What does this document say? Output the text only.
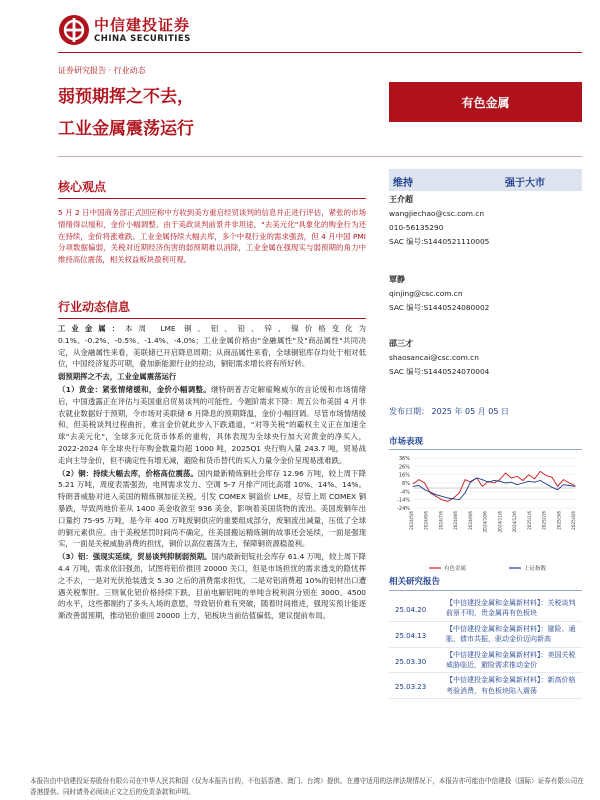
中信建投证券
CHINA SECURITIES
证券研究报告 · 行业动态
弱预期挥之不去，
工业金属震荡运行
有色金属
核心观点
5 月 2 日中国商务部正式回应称中方收到美方重启经贸谈判的信息并正进行评估，紧张的市场情绪得以缓和，金价小幅调整。由于美政谈判前景并非坦途，"去美元化"具象化的购金行为还在持续，金价将涨难跌。工业金属持续大幅去库，多个中观行业的需求强劲，但 4 月中国 PMI 分项数据偏弱，关税对近期经济伤害的弱预期难以消除，工业金属在强现实与弱预期的角力中维持高位震荡，相关权益板块盈利可观。
行业动态信息

工业金属：本周 LME 铜、铝、铅、锌、镍价格变化为 0.1%、-0.2%、-0.5%、-1.4%、-4.0%；工业金属价格由"金融属性"及"商品属性"共同决定，从金融属性来看，美联储已开启降息周期；从商品属性来看，全球铜铝库存均处于相对低位，中国经济复苏可期，叠加新能源行业的拉动，铜铝需求增长将有所好转。

弱预期挥之不去，工业金属震荡运行

（1）黄金：紧张情绪缓和，金价小幅调整。继特朗普否定解雇鲍威尔的言论缓和市场情绪后，中国透露正在评估与美国重启贸易谈判的可能性。今题阶需求下降：周五公布美国 4 月非农就业数据好于预期，令市场对美联储 6 月降息的预期降温，金价小幅回调。尽管市场情绪缓和，但美税谈判过程曲折，难言金价就此步入下跌通道，"对等关税"的霸权主义正在加速全球"去美元化"，全球多元化货币体系的重构，具体表现为全球央行加大对黄金的净买入，2022-2024 年全球央行年购金数量均超 1000 吨，2025Q1 央行购入量 243.7 吨，贸易战走向主导金价，但不确定性有增无减，避险和货币替代的买入力量令金价呈现易涨难跌。

（2）铜：持续大幅去库，价格高位震荡。国内最新精炼铜社会库存 12.96 万吨，较上周下降 5.21 万吨，周度表需强劲，电网需求发力、空调 5-7 月排产同比高增 10%、14%、14%。特朗普威胁对进入美国的精炼铜加征关税，引发 COMEX 铜溢价 LME，尽管上周 COMEX 铜暴跌，导致两地价差从 1400 美金收敛至 936 美金，影响着美国货物的流出。美国废铜年出口量约 75-95 万吨，是今年 400 万吨废铜供应的重要组成部分，废铜流出减量，压低了全球的铜元素供应。由于美税惩罚时间尚不确定，往美国搬运精炼铜的故事还会延续，一面是强现实，一面是关税威胁消费的担忧，铜价以高位震荡为主，保障铜资源稳盈利。

（3）铝：强现实延续，贸易谈判抑制弱预期。国内最新铝锭社会库存 61.4 万吨，较上周下降 4.4 万吨，需求依旧强劲，试图将铝价推回 20000 关口，但是市场担忧的需求透支的隐忧挥之不去，一是对光伏抢装透支 5.30 之后的消费需求担忧，二是对铝消费超 10%的铝材出口遭遇关税掣肘。三则氧化铝价格持续下跌，目前电解铝吨的单吨含税利润分别在 3000、4500 的水平，这些都制约了多头入场的意愿，导致铝价难有突破，随着时间推进，强现实预计能逐渐改善弱预期，推动铝价重回 20000 上方，铝板块当前估值偏低，建议提前布局。

维持	强于大市
王介超
wangjiechao@csc.com.cn
010-56135290
SAC 编号:S1440521110005
覃静
qinjing@csc.com.cn
SAC 编号:S1440524080002
邵三才
shaosancai@csc.com.cn
SAC 编号:S1440524070004
发布日期： 2025 年 05 月 05 日
市场表现
36%
26%
16%
6%
-4%
-14%
-24%
2024/5/6 2024/6/6 2024/7/6 2024/8/6 2024/9/6 2024/10/6 2024/11/6 2024/12/6 2025/1/6 2025/2/6 2025/3/6 2025/4/6
有色金属	上证指数
相关研究报告
25.04.20
【中信建投金属和金属新材料】：关税谈判前景不明，贵金属再有色板块
25.04.13
【中信建投金属和金属新材料】：避险、通胀、债市共振，驱动金价迈向新高
25.03.30
【中信建投金属和金属新材料】：美国关税威胁临近，避险需求推动金价
25.03.23
【中信建投金属和金属新材料】：新高价格考验消费，有色板块陷入震荡
本报告由中信建投证券股份有限公司在中华人民共和国（仅为本报告目的，不包括香港、澳门、台湾）提供。在遵守适用的法律法规情况下，本报告亦可能由中信建投（国际）证券有限公司在香港提供。同时请务必阅读正文之后的免责条款和声明。
